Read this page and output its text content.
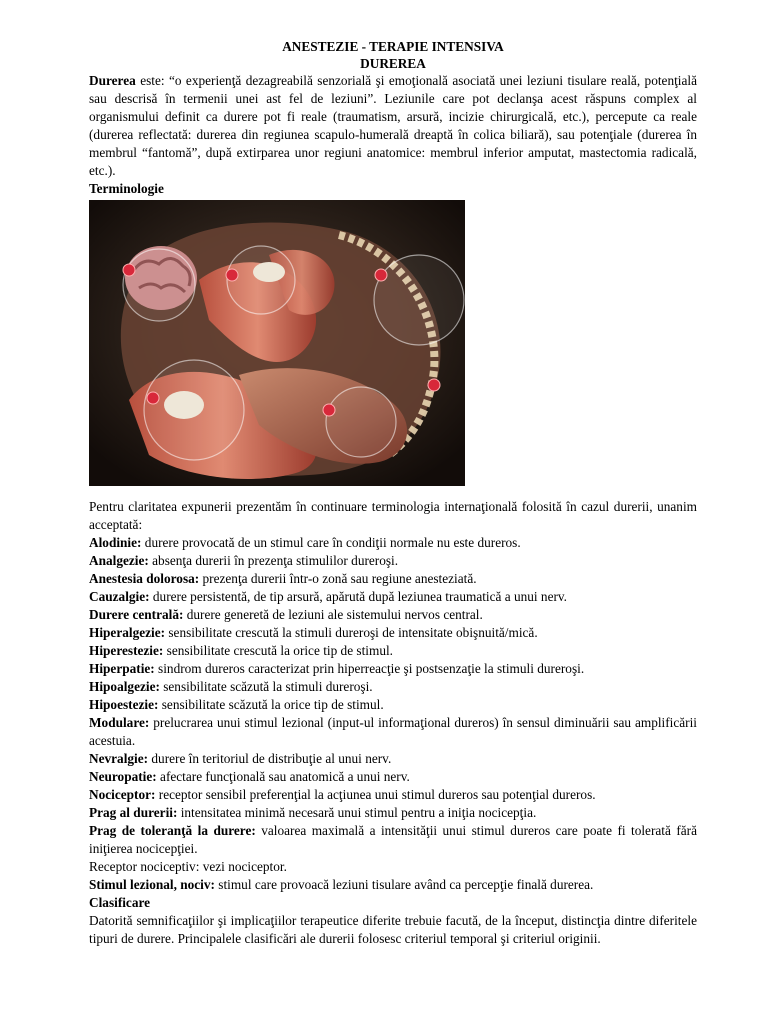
ANESTEZIE - TERAPIE INTENSIVA
DUREREA

Durerea este: “o experienţă dezagreabilă senzorială şi emoţională asociată unei leziuni tisulare reală, potenţială sau descrisă în termenii unei ast fel de leziuni”. Leziunile care pot declanşa acest răspuns complex al organismului definit ca durere pot fi reale (traumatism, arsură, incizie chirurgicală, etc.), percepute ca reale (durerea reflectată: durerea din regiunea scapulo-humerală dreaptă în colica biliară), sau potenţiale (durerea în membrul “fantomă”, după extirparea unor regiuni anatomice: membrul inferior amputat, mastectomia radicală, etc.).

Terminologie

Pentru claritatea expunerii prezentăm în continuare terminologia internaţională folosită în cazul durerii, unanim acceptată:

Alodinie: durere provocată de un stimul care în condiţii normale nu este dureros.

Analgezie: absenţa durerii în prezenţa stimulilor dureroşi.

Anestesia dolorosa: prezenţa durerii într-o zonă sau regiune anesteziată.

Cauzalgie: durere persistentă, de tip arsură, apărută după leziunea traumatică a unui nerv.

Durere centrală: durere generetă de leziuni ale sistemului nervos central.

Hiperalgezie: sensibilitate crescută la stimuli dureroşi de intensitate obişnuită/mică.

Hiperestezie: sensibilitate crescută la orice tip de stimul.

Hiperpatie: sindrom dureros caracterizat prin hiperreacţie şi postsenzaţie la stimuli dureroşi.

Hipoalgezie: sensibilitate scăzută la stimuli dureroşi.

Hipoestezie: sensibilitate scăzută la orice tip de stimul.

Modulare: prelucrarea unui stimul lezional (input-ul informaţional dureros) în sensul diminuării sau amplificării acestuia.

Nevralgie: durere în teritoriul de distribuţie al unui nerv.

Neuropatie: afectare funcţională sau anatomică a unui nerv.

Nociceptor: receptor sensibil preferenţial la acţiunea unui stimul dureros sau potenţial dureros.

Prag al durerii: intensitatea minimă necesară unui stimul pentru a iniţia nocicepţia.

Prag de toleranţă la durere: valoarea maximală a intensităţii unui stimul dureros care poate fi tolerată fără iniţierea nocicepţiei.

Receptor nociceptiv: vezi nociceptor.

Stimul lezional, nociv: stimul care provoacă leziuni tisulare având ca percepţie finală durerea.

Clasificare

Datorită semnificaţiilor şi implicaţiilor terapeutice diferite trebuie facută, de la început, distincţia dintre diferitele tipuri de durere. Principalele clasificări ale durerii folosesc criteriul temporal şi criteriul originii.
